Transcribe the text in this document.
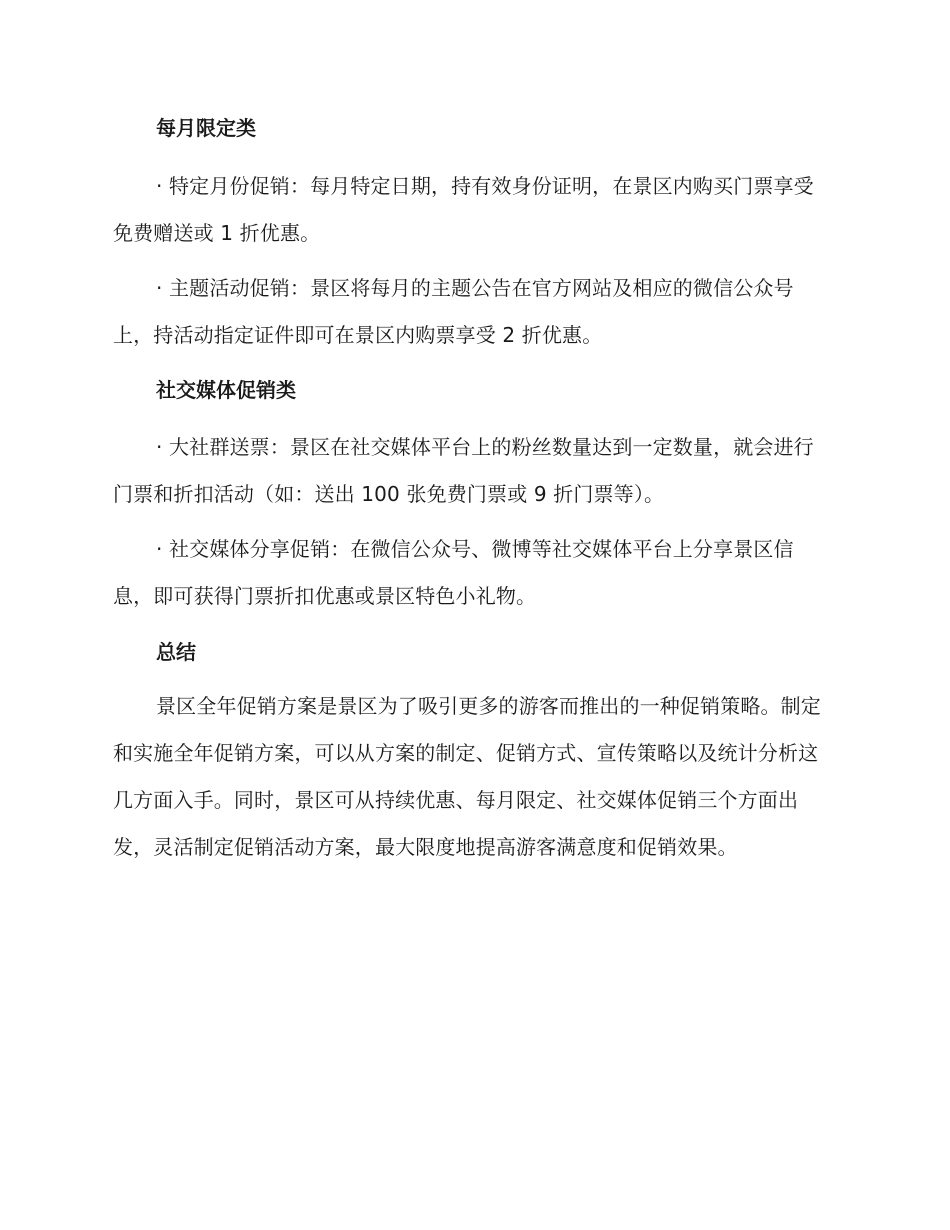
每月限定类

· 特定月份促销：每月特定日期，持有效身份证明，在景区内购买门票享受免费赠送或 1 折优惠。

· 主题活动促销：景区将每月的主题公告在官方网站及相应的微信公众号上，持活动指定证件即可在景区内购票享受 2 折优惠。

社交媒体促销类

· 大社群送票：景区在社交媒体平台上的粉丝数量达到一定数量，就会进行门票和折扣活动（如：送出 100 张免费门票或 9 折门票等）。

· 社交媒体分享促销：在微信公众号、微博等社交媒体平台上分享景区信息，即可获得门票折扣优惠或景区特色小礼物。

总结

景区全年促销方案是景区为了吸引更多的游客而推出的一种促销策略。制定和实施全年促销方案，可以从方案的制定、促销方式、宣传策略以及统计分析这几方面入手。同时，景区可从持续优惠、每月限定、社交媒体促销三个方面出发，灵活制定促销活动方案，最大限度地提高游客满意度和促销效果。
